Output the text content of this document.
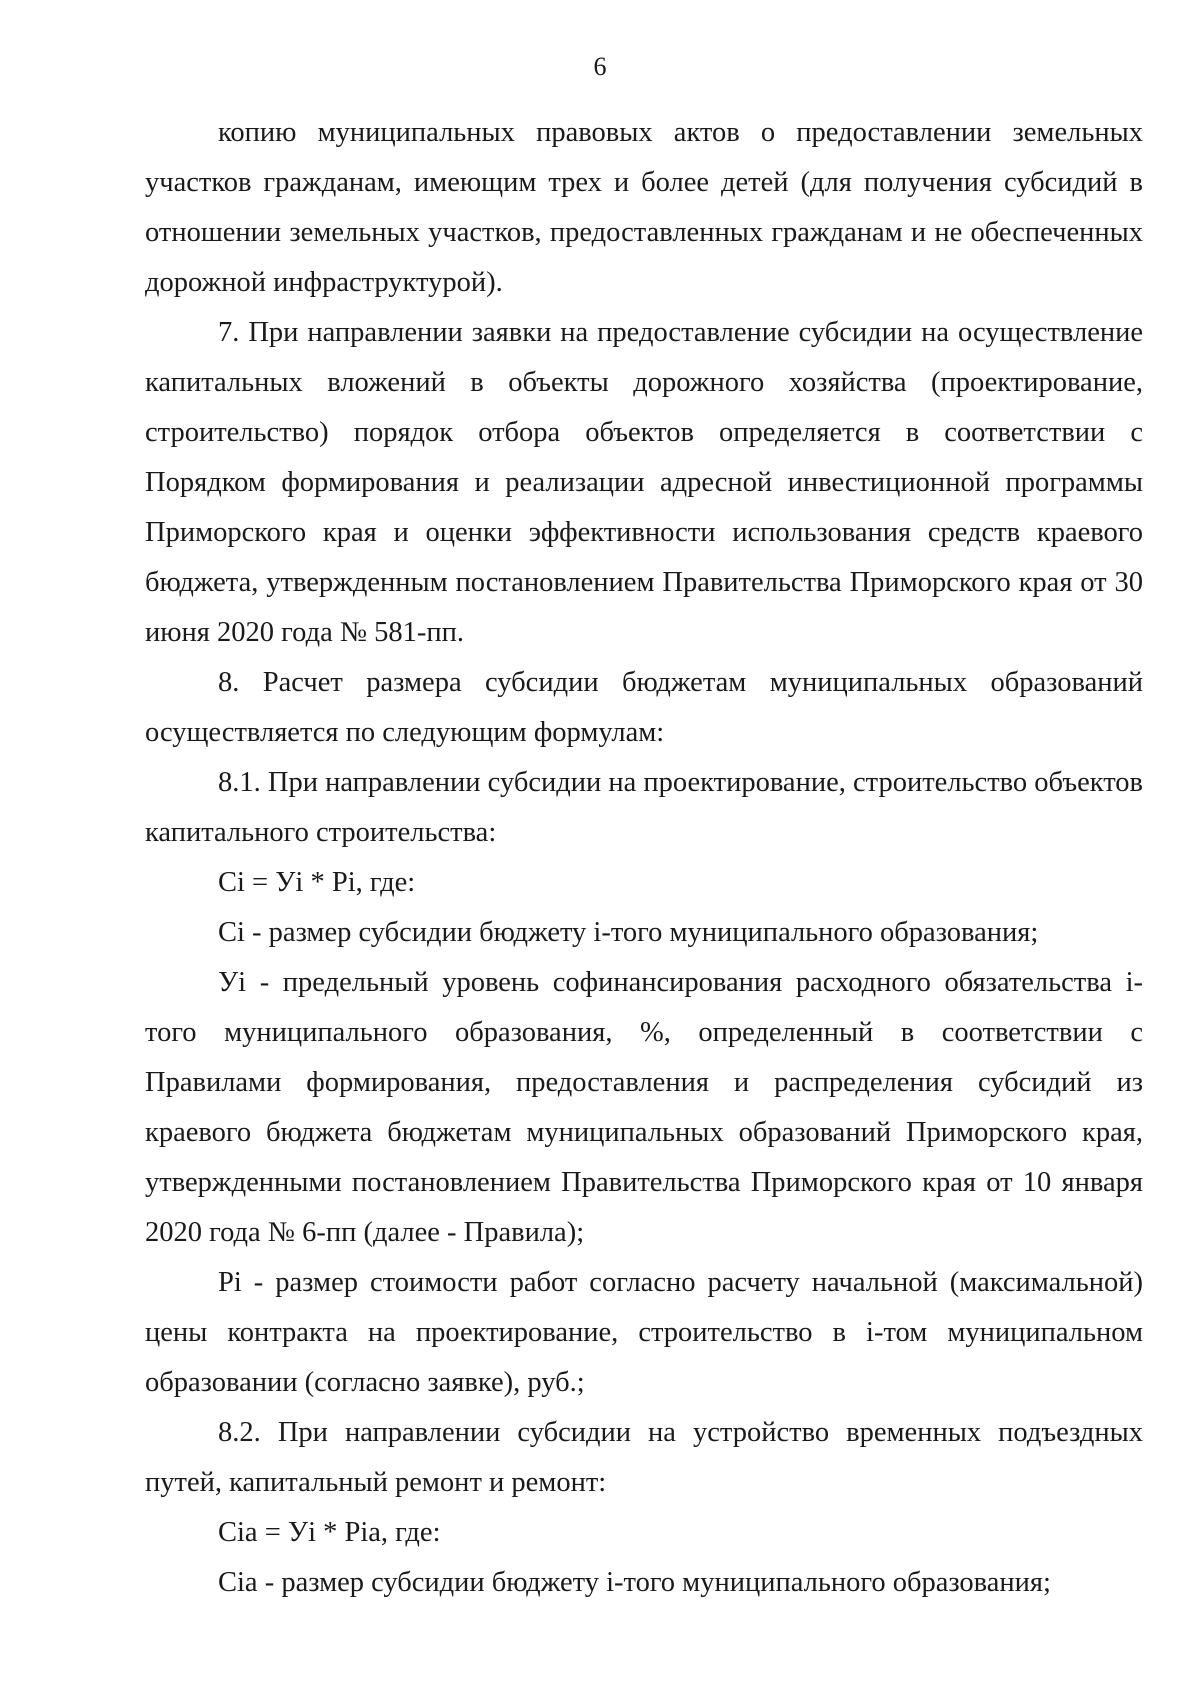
6

копию муниципальных правовых актов о предоставлении земельных участков гражданам, имеющим трех и более детей (для получения субсидий в отношении земельных участков, предоставленных гражданам и не обеспеченных дорожной инфраструктурой).

7. При направлении заявки на предоставление субсидии на осуществление капитальных вложений в объекты дорожного хозяйства (проектирование, строительство) порядок отбора объектов определяется в соответствии с Порядком формирования и реализации адресной инвестиционной программы Приморского края и оценки эффективности использования средств краевого бюджета, утвержденным постановлением Правительства Приморского края от 30 июня 2020 года № 581-пп.

8. Расчет размера субсидии бюджетам муниципальных образований осуществляется по следующим формулам:

8.1. При направлении субсидии на проектирование, строительство объектов капитального строительства:

Ci = Уi * Pi, где:

Ci - размер субсидии бюджету i-того муниципального образования;

Уi - предельный уровень софинансирования расходного обязательства i-того муниципального образования, %, определенный в соответствии с Правилами формирования, предоставления и распределения субсидий из краевого бюджета бюджетам муниципальных образований Приморского края, утвержденными постановлением Правительства Приморского края от 10 января 2020 года № 6-пп (далее - Правила);

Pi - размер стоимости работ согласно расчету начальной (максимальной) цены контракта на проектирование, строительство в i-том муниципальном образовании (согласно заявке), руб.;

8.2. При направлении субсидии на устройство временных подъездных путей, капитальный ремонт и ремонт:

Cia = Уi * Pia, где:

Cia - размер субсидии бюджету i-того муниципального образования;
